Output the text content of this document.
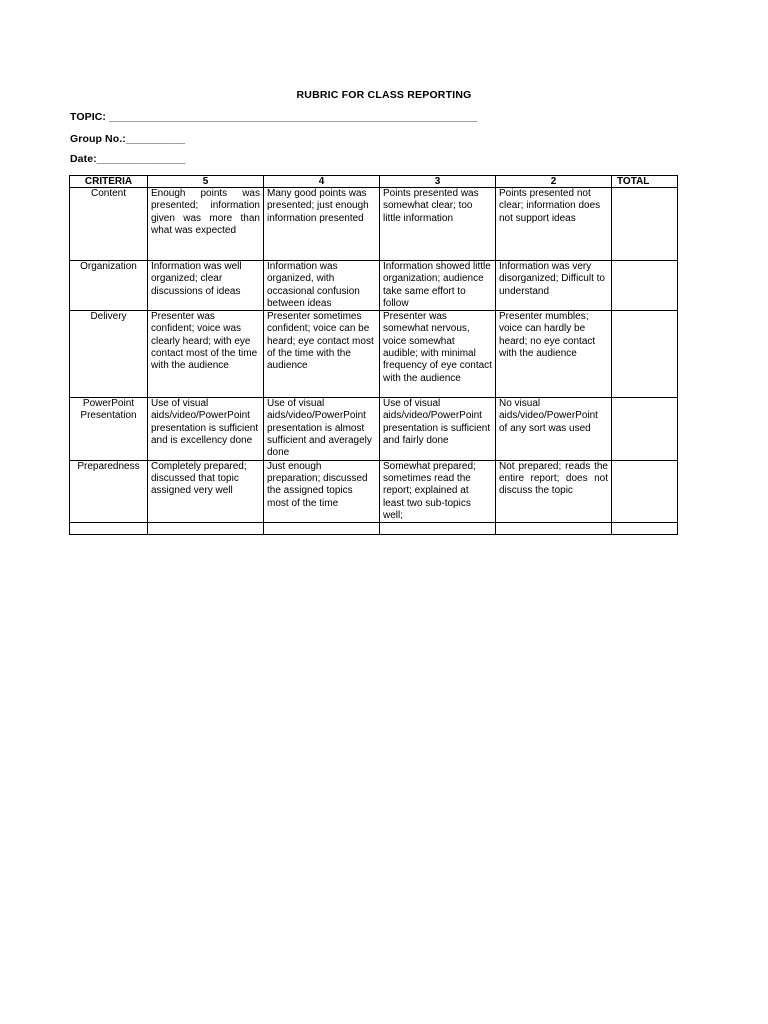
RUBRIC FOR CLASS REPORTING
TOPIC: ______________________________________________________________
Group No.:__________
Date:_______________
CRITERIA	5	4	3	2	TOTAL
Content	Enough points was presented; information given was more than what was expected	Many good points was presented; just enough information presented	Points presented was somewhat clear; too little information	Points presented not clear; information does not support ideas	
Organization	Information was well organized; clear discussions of ideas	Information was organized, with occasional confusion between ideas	Information showed little organization; audience take same effort to follow	Information was very disorganized; Difficult to understand	
Delivery	Presenter was confident; voice was clearly heard; with eye contact most of the time with the audience	Presenter sometimes confident; voice can be heard; eye contact most of the time with the audience	Presenter was somewhat nervous, voice somewhat audible; with minimal frequency of eye contact with the audience	Presenter mumbles; voice can hardly be heard; no eye contact with the audience	
PowerPoint Presentation	Use of visual aids/video/PowerPoint presentation is sufficient and is excellency done	Use of visual aids/video/PowerPoint presentation is almost sufficient and averagely done	Use of visual aids/video/PowerPoint presentation is sufficient and fairly done	No visual aids/video/PowerPoint of any sort was used	
Preparedness	Completely prepared; discussed that topic assigned very well	Just enough preparation; discussed the assigned topics most of the time	Somewhat prepared; sometimes read the report; explained at least two sub-topics well;	Not prepared; reads the entire report; does not discuss the topic	
